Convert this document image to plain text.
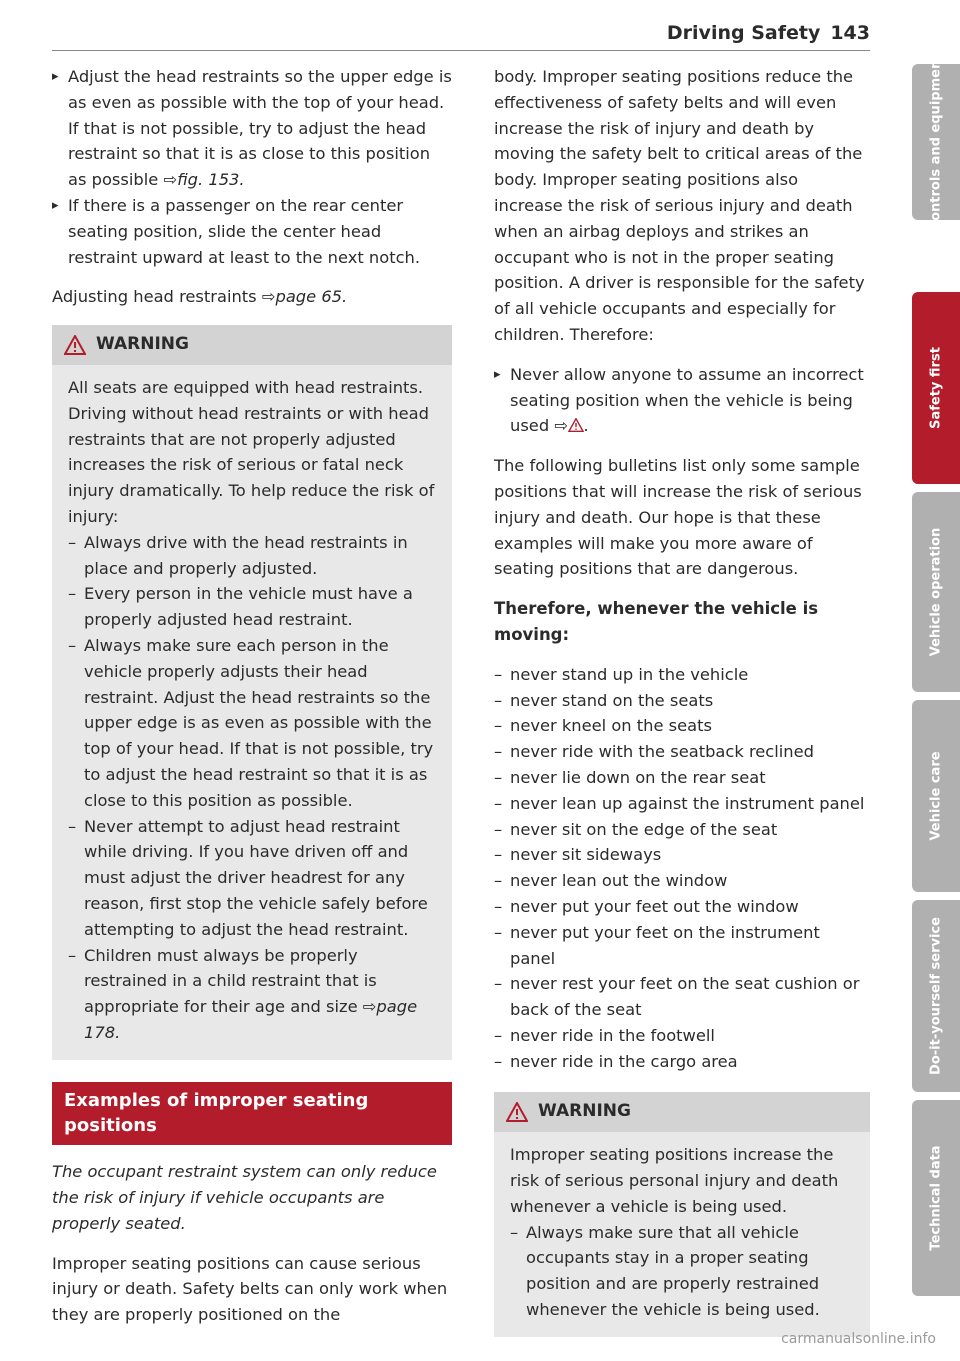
Driving Safety 143

▸ Adjust the head restraints so the upper edge is as even as possible with the top of your head. If that is not possible, try to adjust the head restraint so that it is as close to this position as possible ⇨fig. 153.

▸ If there is a passenger on the rear center seating position, slide the center head restraint upward at least to the next notch.

Adjusting head restraints ⇨page 65.

WARNING

All seats are equipped with head restraints. Driving without head restraints or with head restraints that are not properly adjusted increases the risk of serious or fatal neck injury dramatically. To help reduce the risk of injury:

– Always drive with the head restraints in place and properly adjusted.

– Every person in the vehicle must have a properly adjusted head restraint.

– Always make sure each person in the vehicle properly adjusts their head restraint. Adjust the head restraints so the upper edge is as even as possible with the top of your head. If that is not possible, try to adjust the head restraint so that it is as close to this position as possible.

– Never attempt to adjust head restraint while driving. If you have driven off and must adjust the driver headrest for any reason, first stop the vehicle safely before attempting to adjust the head restraint.

– Children must always be properly restrained in a child restraint that is appropriate for their age and size ⇨page 178.

Examples of improper seating positions

The occupant restraint system can only reduce the risk of injury if vehicle occupants are properly seated.

Improper seating positions can cause serious injury or death. Safety belts can only work when they are properly positioned on the

body. Improper seating positions reduce the effectiveness of safety belts and will even increase the risk of injury and death by moving the safety belt to critical areas of the body. Improper seating positions also increase the risk of serious injury and death when an airbag deploys and strikes an occupant who is not in the proper seating position. A driver is responsible for the safety of all vehicle occupants and especially for children. Therefore:

▸ Never allow anyone to assume an incorrect seating position when the vehicle is being used ⇨ .

The following bulletins list only some sample positions that will increase the risk of serious injury and death. Our hope is that these examples will make you more aware of seating positions that are dangerous.

Therefore, whenever the vehicle is moving:

– never stand up in the vehicle

– never stand on the seats

– never kneel on the seats

– never ride with the seatback reclined

– never lie down on the rear seat

– never lean up against the instrument panel

– never sit on the edge of the seat

– never sit sideways

– never lean out the window

– never put your feet out the window

– never put your feet on the instrument panel

– never rest your feet on the seat cushion or back of the seat

– never ride in the footwell

– never ride in the cargo area

WARNING

Improper seating positions increase the risk of serious personal injury and death whenever a vehicle is being used.

– Always make sure that all vehicle occupants stay in a proper seating position and are properly restrained whenever the vehicle is being used.

Controls and equipment
Safety first
Vehicle operation
Vehicle care
Do-it-yourself service
Technical data
carmanualsonline.info
